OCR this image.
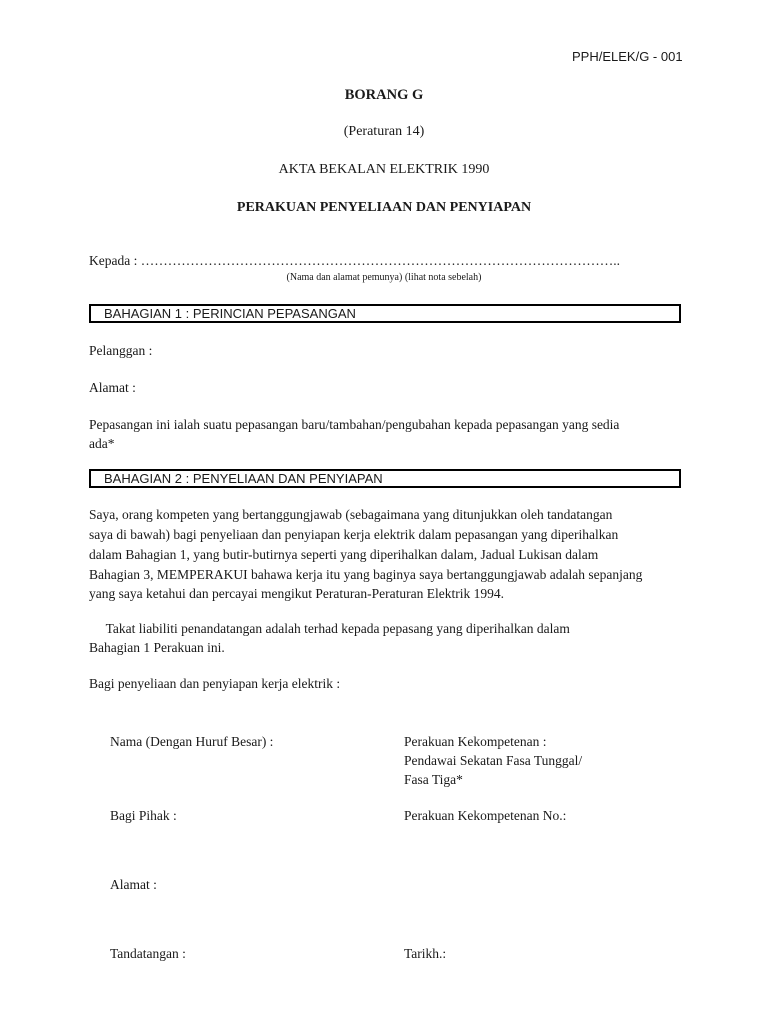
PPH/ELEK/G - 001
BORANG G
(Peraturan 14)
AKTA BEKALAN ELEKTRIK 1990
PERAKUAN PENYELIAAN DAN PENYIAPAN
Kepada : ……………………………………………………………………………………………..
(Nama dan alamat pemunya) (lihat nota sebelah)
BAHAGIAN 1 : PERINCIAN PEPASANGAN
Pelanggan :
Alamat :
Pepasangan ini ialah suatu pepasangan baru/tambahan/pengubahan kepada pepasangan yang sedia
ada*
BAHAGIAN 2 : PENYELIAAN DAN PENYIAPAN
Saya, orang kompeten yang bertanggungjawab (sebagaimana yang ditunjukkan oleh tandatangan
saya di bawah) bagi penyeliaan dan penyiapan kerja elektrik dalam pepasangan yang diperihalkan
dalam Bahagian 1, yang butir-butirnya seperti yang diperihalkan dalam, Jadual Lukisan dalam
Bahagian 3, MEMPERAKUI bahawa kerja itu yang baginya saya bertanggungjawab adalah sepanjang
yang saya ketahui dan percayai mengikut Peraturan-Peraturan Elektrik 1994.
Takat liabiliti penandatangan adalah terhad kepada pepasang yang diperihalkan dalam
Bahagian 1 Perakuan ini.
Bagi penyeliaan dan penyiapan kerja elektrik :
Nama (Dengan Huruf Besar) :	Perakuan Kekompetenan :
Pendawai Sekatan Fasa Tunggal/
Fasa Tiga*
Bagi Pihak :	Perakuan Kekompetenan No.:
Alamat :
Tandatangan :	Tarikh.:
